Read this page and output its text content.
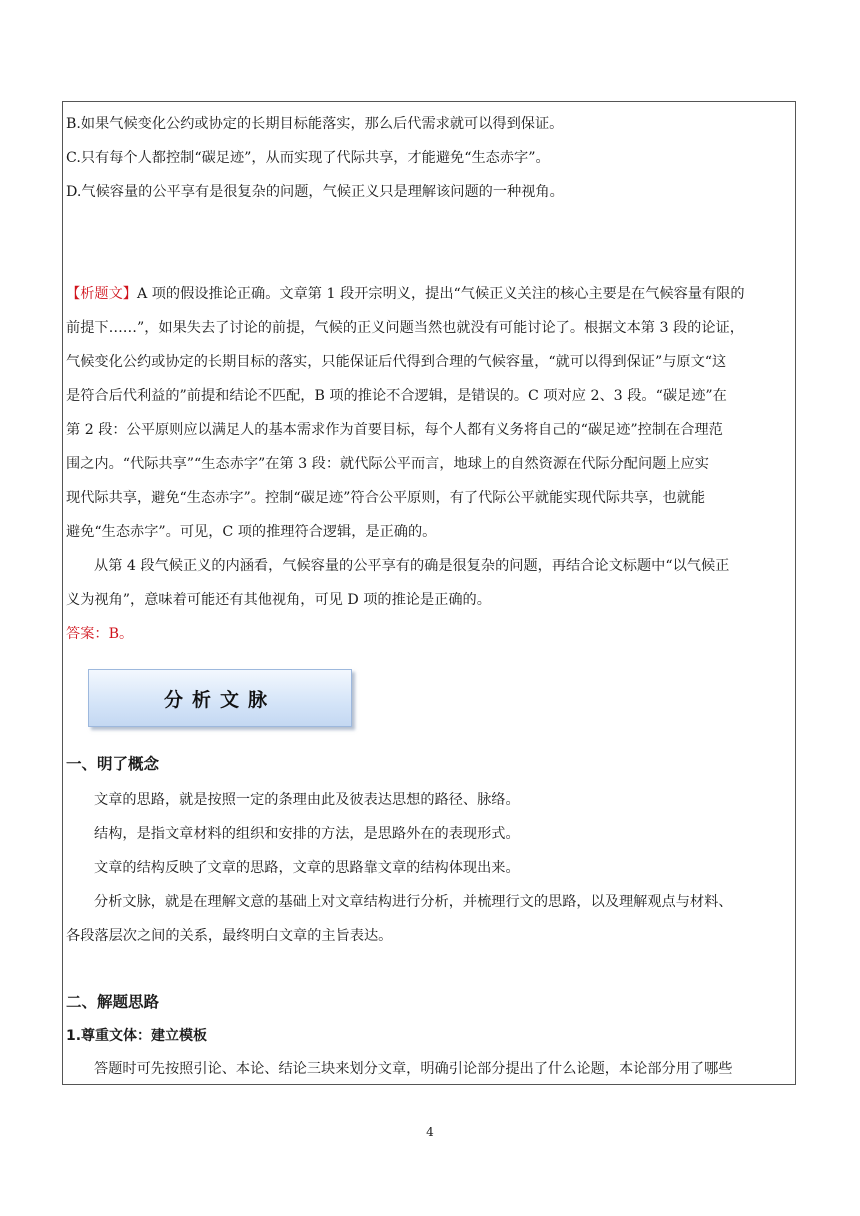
B.如果气候变化公约或协定的长期目标能落实，那么后代需求就可以得到保证。
C.只有每个人都控制“碳足迹”，从而实现了代际共享，才能避免“生态赤字”。
D.气候容量的公平享有是很复杂的问题，气候正义只是理解该问题的一种视角。
【析题文】A 项的假设推论正确。文章第 1 段开宗明义，提出“气候正义关注的核心主要是在气候容量有限的
前提下……”，如果失去了讨论的前提，气候的正义问题当然也就没有可能讨论了。根据文本第 3 段的论证，
气候变化公约或协定的长期目标的落实，只能保证后代得到合理的气候容量，“就可以得到保证”与原文“这
是符合后代利益的”前提和结论不匹配，B 项的推论不合逻辑，是错误的。C 项对应 2、3 段。“碳足迹”在
第 2 段：公平原则应以满足人的基本需求作为首要目标，每个人都有义务将自己的“碳足迹”控制在合理范
围之内。“代际共享”“生态赤字”在第 3 段：就代际公平而言，地球上的自然资源在代际分配问题上应实
现代际共享，避免“生态赤字”。控制“碳足迹”符合公平原则，有了代际公平就能实现代际共享，也就能
避免“生态赤字”。可见，C 项的推理符合逻辑，是正确的。
从第 4 段气候正义的内涵看，气候容量的公平享有的确是很复杂的问题，再结合论文标题中“以气候正
义为视角”，意味着可能还有其他视角，可见 D 项的推论是正确的。
答案：B。
分析文脉
一、明了概念
文章的思路，就是按照一定的条理由此及彼表达思想的路径、脉络。
结构，是指文章材料的组织和安排的方法，是思路外在的表现形式。
文章的结构反映了文章的思路，文章的思路靠文章的结构体现出来。
分析文脉，就是在理解文意的基础上对文章结构进行分析，并梳理行文的思路，以及理解观点与材料、
各段落层次之间的关系，最终明白文章的主旨表达。
二、解题思路
1.尊重文体：建立模板
答题时可先按照引论、本论、结论三块来划分文章，明确引论部分提出了什么论题，本论部分用了哪些
4
